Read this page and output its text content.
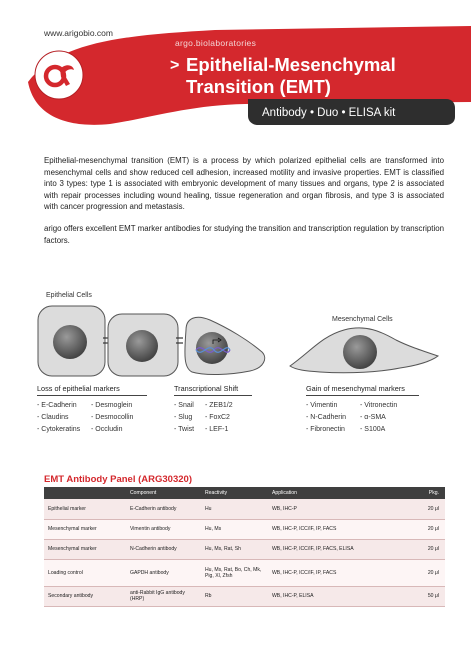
www.arigobio.com
argo.biolaboratories
> Epithelial-Mesenchymal
Transition (EMT)
Antibody • Duo • ELISA kit

Epithelial-mesenchymal transition (EMT) is a process by which polarized epithelial cells are transformed into mesenchymal cells and show reduced cell adhesion, increased motility and invasive properties. EMT is classified into 3 types: type 1 is associated with embryonic development of many tissues and organs, type 2 is associated with repair processes including wound healing, tissue regeneration and organ fibrosis, and type 3 is associated with cancer progression and metastasis.

arigo offers excellent EMT marker antibodies for studying the transition and transcription regulation by transcription factors.

Epithelial Cells
Mesenchymal Cells
Loss of epithelial markers
- E-Cadherin
- Claudins
- Cytokeratins
- Desmoglein
- Desmocollin
- Occludin
Transcriptional Shift
- Snail
- Slug
- Twist
- ZEB1/2
- FoxC2
- LEF-1
Gain of mesenchymal markers
- Vimentin
- N-Cadherin
- Fibronectin
- Vitronectin
- α-SMA
- S100A
EMT Antibody Panel (ARG30320)
	Component	Reactivity	Application	Pkg.
Epithelial marker	E-Cadherin antibody	Hu	WB, IHC-P	20 μl
Mesenchymal marker	Vimentin antibody	Hu, Ms	WB, IHC-P, ICC/IF, IP, FACS	20 μl
Mesenchymal marker	N-Cadherin antibody	Hu, Ms, Rat, Sh	WB, IHC-P, ICC/IF, IP, FACS, ELISA	20 μl
Loading control	GAPDH antibody	Hu, Ms, Rat, Bo, Ch, Mk, Pig, Xl, Zfsh	WB, IHC-P, ICC/IF, IP, FACS	20 μl
Secondary antibody	anti-Rabbit IgG antibody (HRP)	Rb	WB, IHC-P, ELISA	50 μl
